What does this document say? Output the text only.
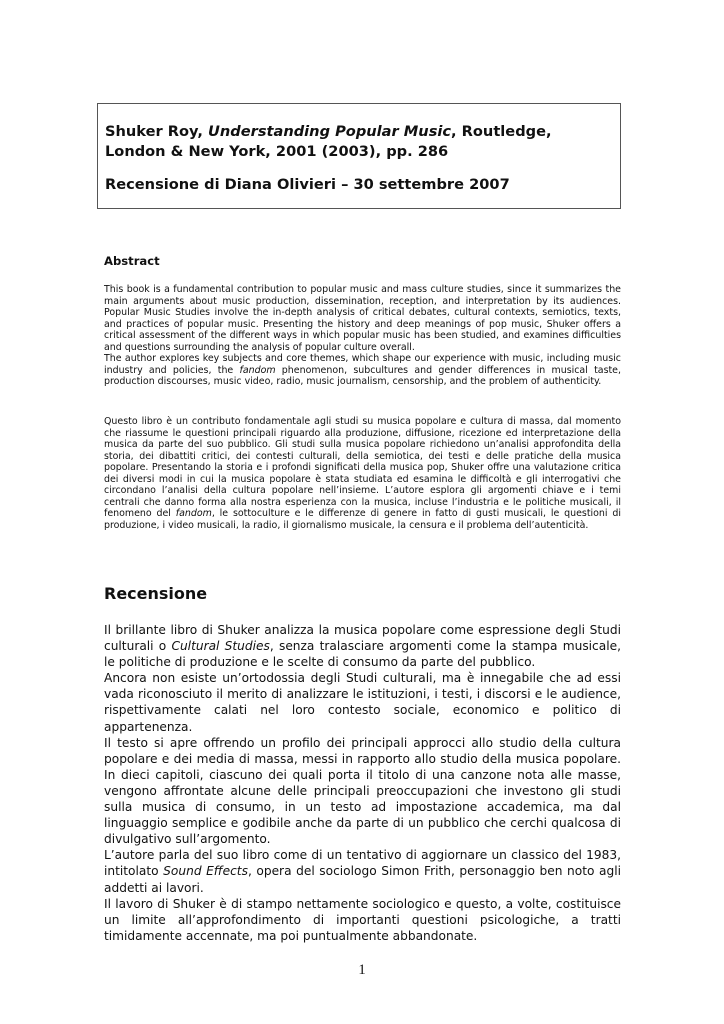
Shuker Roy, Understanding Popular Music, Routledge, London & New York, 2001 (2003), pp. 286

Recensione di Diana Olivieri – 30 settembre 2007

Abstract

This book is a fundamental contribution to popular music and mass culture studies, since it summarizes the main arguments about music production, dissemination, reception, and interpretation by its audiences. Popular Music Studies involve the in-depth analysis of critical debates, cultural contexts, semiotics, texts, and practices of popular music. Presenting the history and deep meanings of pop music, Shuker offers a critical assessment of the different ways in which popular music has been studied, and examines difficulties and questions surrounding the analysis of popular culture overall.

The author explores key subjects and core themes, which shape our experience with music, including music industry and policies, the fandom phenomenon, subcultures and gender differences in musical taste, production discourses, music video, radio, music journalism, censorship, and the problem of authenticity.

Questo libro è un contributo fondamentale agli studi su musica popolare e cultura di massa, dal momento che riassume le questioni principali riguardo alla produzione, diffusione, ricezione ed interpretazione della musica da parte del suo pubblico. Gli studi sulla musica popolare richiedono un’analisi approfondita della storia, dei dibattiti critici, dei contesti culturali, della semiotica, dei testi e delle pratiche della musica popolare. Presentando la storia e i profondi significati della musica pop, Shuker offre una valutazione critica dei diversi modi in cui la musica popolare è stata studiata ed esamina le difficoltà e gli interrogativi che circondano l’analisi della cultura popolare nell’insieme. L’autore esplora gli argomenti chiave e i temi centrali che danno forma alla nostra esperienza con la musica, incluse l’industria e le politiche musicali, il fenomeno del fandom, le sottoculture e le differenze di genere in fatto di gusti musicali, le questioni di produzione, i video musicali, la radio, il giornalismo musicale, la censura e il problema dell’autenticità.

Recensione

Il brillante libro di Shuker analizza la musica popolare come espressione degli Studi culturali o Cultural Studies, senza tralasciare argomenti come la stampa musicale, le politiche di produzione e le scelte di consumo da parte del pubblico.

Ancora non esiste un’ortodossia degli Studi culturali, ma è innegabile che ad essi vada riconosciuto il merito di analizzare le istituzioni, i testi, i discorsi e le audience, rispettivamente calati nel loro contesto sociale, economico e politico di appartenenza.

Il testo si apre offrendo un profilo dei principali approcci allo studio della cultura popolare e dei media di massa, messi in rapporto allo studio della musica popolare. In dieci capitoli, ciascuno dei quali porta il titolo di una canzone nota alle masse, vengono affrontate alcune delle principali preoccupazioni che investono gli studi sulla musica di consumo, in un testo ad impostazione accademica, ma dal linguaggio semplice e godibile anche da parte di un pubblico che cerchi qualcosa di divulgativo sull’argomento.

L’autore parla del suo libro come di un tentativo di aggiornare un classico del 1983, intitolato Sound Effects, opera del sociologo Simon Frith, personaggio ben noto agli addetti ai lavori.

Il lavoro di Shuker è di stampo nettamente sociologico e questo, a volte, costituisce un limite all’approfondimento di importanti questioni psicologiche, a tratti timidamente accennate, ma poi puntualmente abbandonate.

1
